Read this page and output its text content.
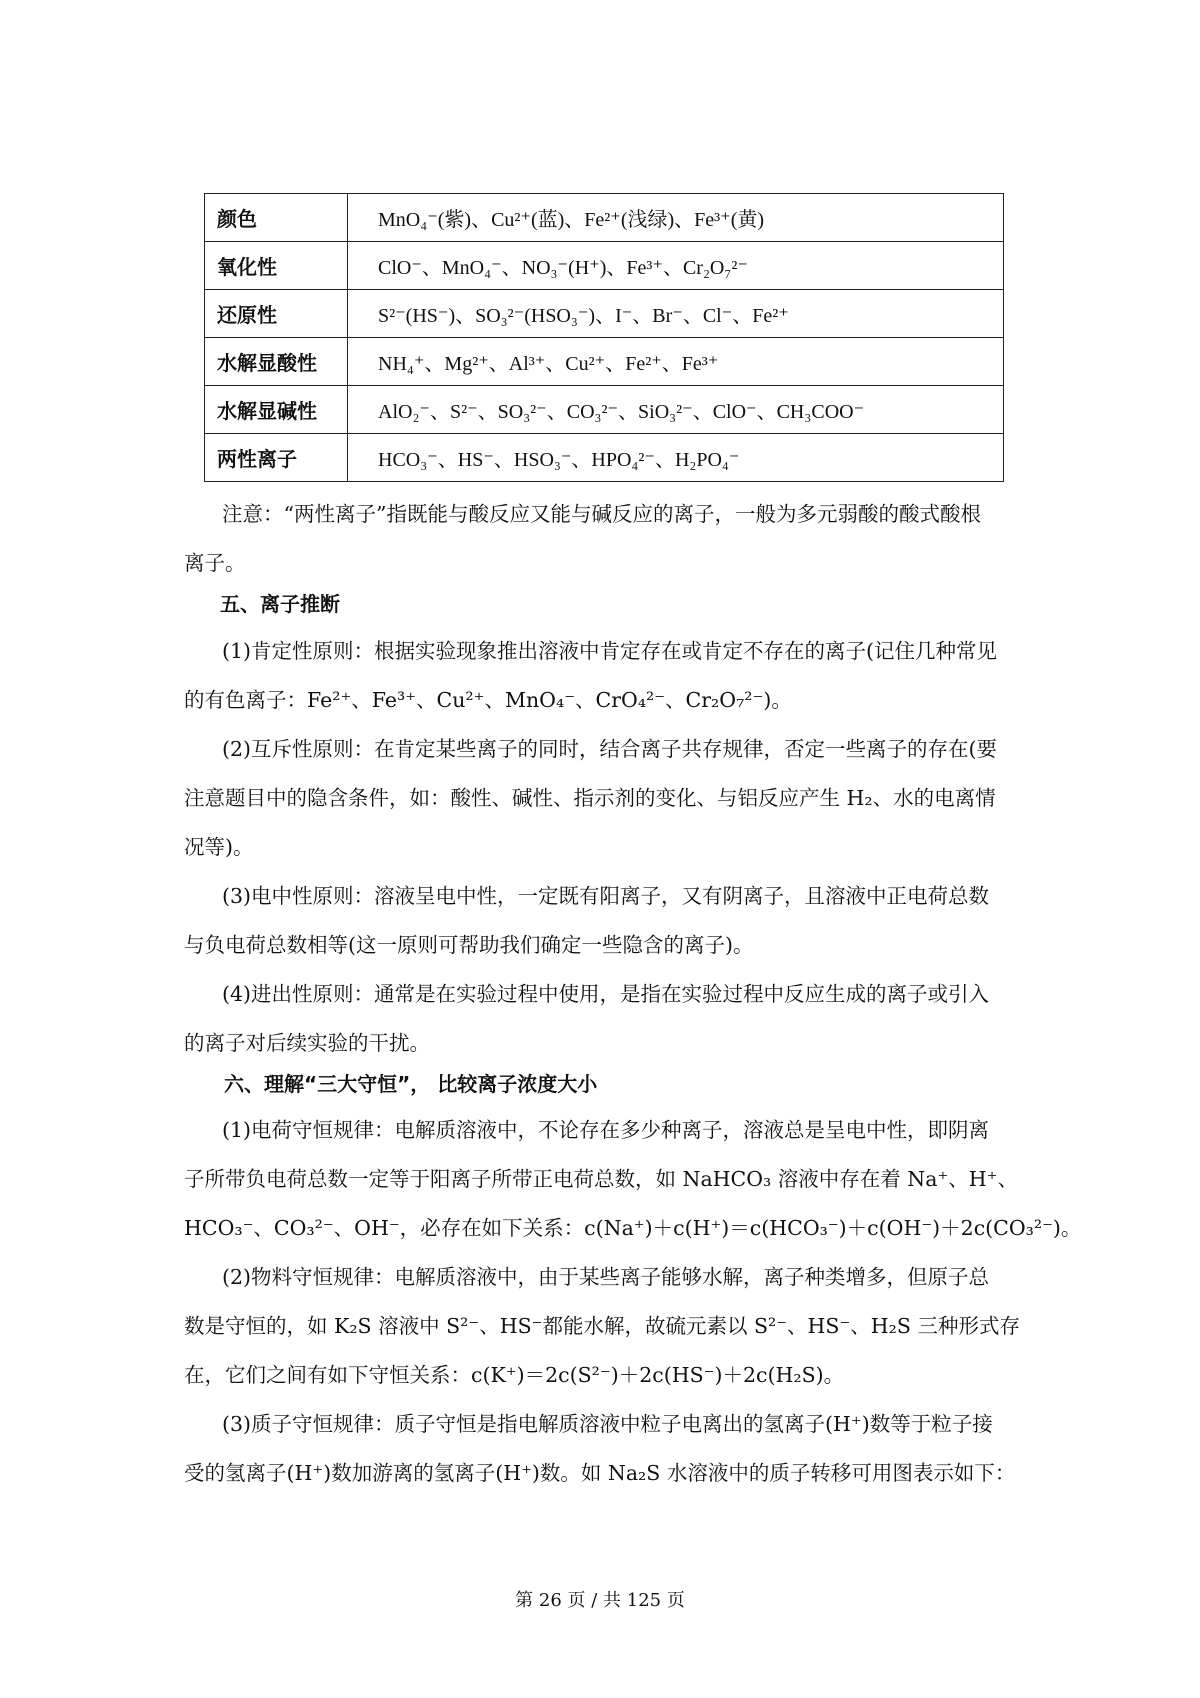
颜色	MnO₄⁻(紫)、Cu²⁺(蓝)、Fe²⁺(浅绿)、Fe³⁺(黄)
氧化性	ClO⁻、MnO₄⁻、NO₃⁻(H⁺)、Fe³⁺、Cr₂O₇²⁻
还原性	S²⁻(HS⁻)、SO₃²⁻(HSO₃⁻)、I⁻、Br⁻、Cl⁻、Fe²⁺
水解显酸性	NH₄⁺、Mg²⁺、Al³⁺、Cu²⁺、Fe²⁺、Fe³⁺
水解显碱性	AlO₂⁻、S²⁻、SO₃²⁻、CO₃²⁻、SiO₃²⁻、ClO⁻、CH₃COO⁻
两性离子	HCO₃⁻、HS⁻、HSO₃⁻、HPO₄²⁻、H₂PO₄⁻
注意：“两性离子”指既能与酸反应又能与碱反应的离子，一般为多元弱酸的酸式酸根
离子。
五、离子推断
(1)肯定性原则：根据实验现象推出溶液中肯定存在或肯定不存在的离子(记住几种常见
的有色离子：Fe²⁺、Fe³⁺、Cu²⁺、MnO₄⁻、CrO₄²⁻、Cr₂O₇²⁻)。
(2)互斥性原则：在肯定某些离子的同时，结合离子共存规律，否定一些离子的存在(要
注意题目中的隐含条件，如：酸性、碱性、指示剂的变化、与铝反应产生 H₂、水的电离情
况等)。
(3)电中性原则：溶液呈电中性，一定既有阳离子，又有阴离子，且溶液中正电荷总数
与负电荷总数相等(这一原则可帮助我们确定一些隐含的离子)。
(4)进出性原则：通常是在实验过程中使用，是指在实验过程中反应生成的离子或引入
的离子对后续实验的干扰。
六、理解“三大守恒”， 比较离子浓度大小
(1)电荷守恒规律：电解质溶液中，不论存在多少种离子，溶液总是呈电中性，即阴离
子所带负电荷总数一定等于阳离子所带正电荷总数，如 NaHCO₃ 溶液中存在着 Na⁺、H⁺、
HCO₃⁻、CO₃²⁻、OH⁻，必存在如下关系：c(Na⁺)＋c(H⁺)＝c(HCO₃⁻)＋c(OH⁻)＋2c(CO₃²⁻)。
(2)物料守恒规律：电解质溶液中，由于某些离子能够水解，离子种类增多，但原子总
数是守恒的，如 K₂S 溶液中 S²⁻、HS⁻都能水解，故硫元素以 S²⁻、HS⁻、H₂S 三种形式存
在，它们之间有如下守恒关系：c(K⁺)＝2c(S²⁻)＋2c(HS⁻)＋2c(H₂S)。
(3)质子守恒规律：质子守恒是指电解质溶液中粒子电离出的氢离子(H⁺)数等于粒子接
受的氢离子(H⁺)数加游离的氢离子(H⁺)数。如 Na₂S 水溶液中的质子转移可用图表示如下：
第 26 页 / 共 125 页
